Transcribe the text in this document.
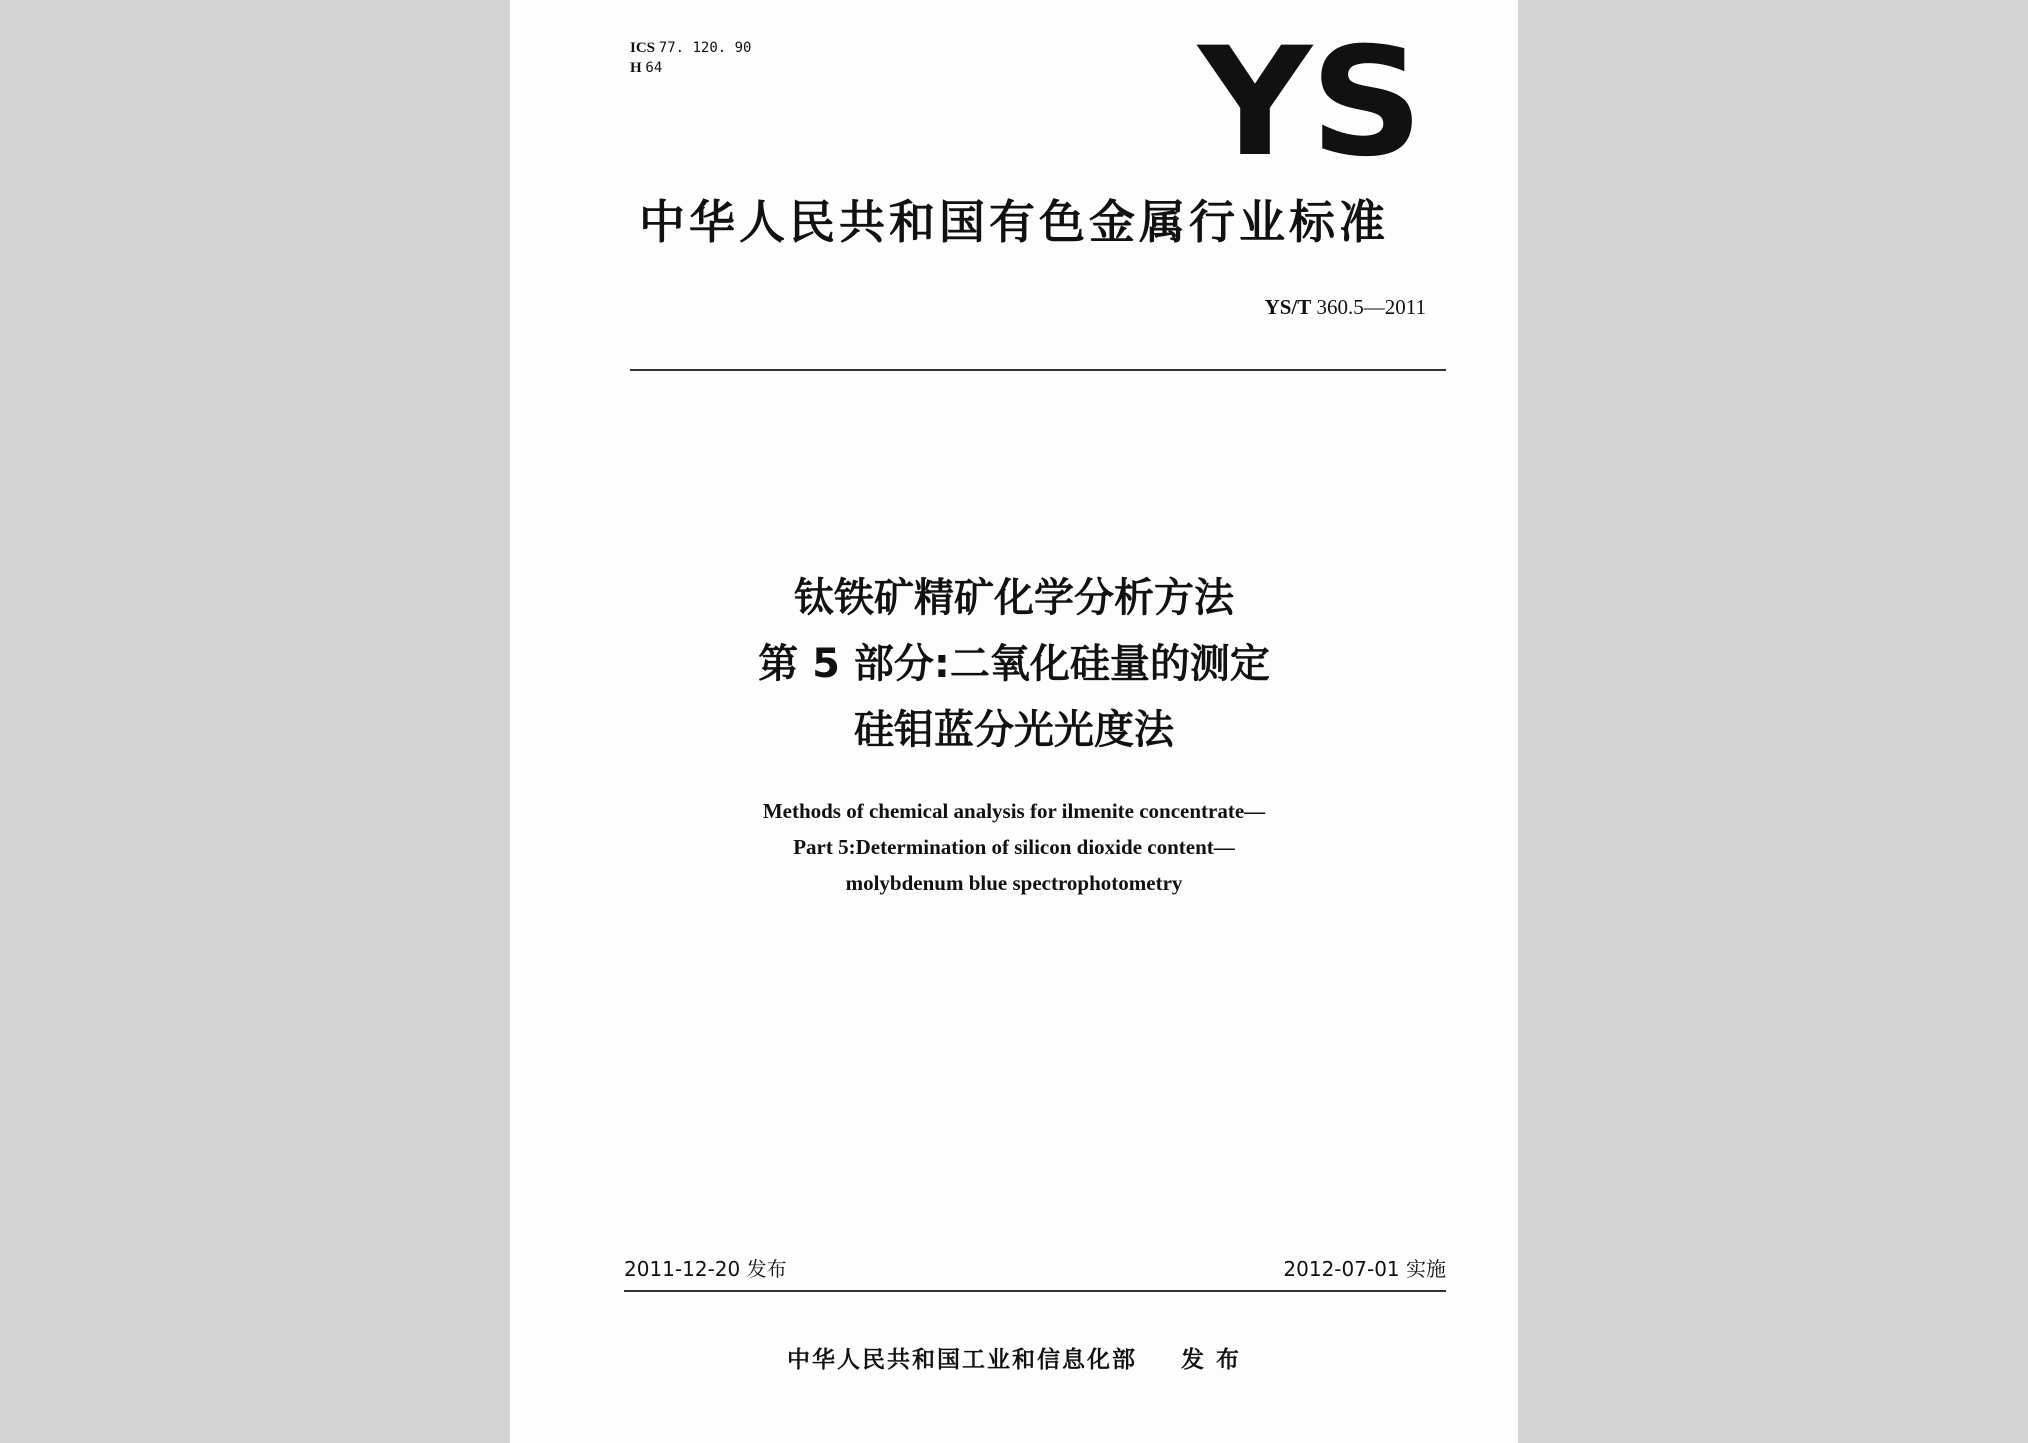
ICS 77. 120. 90
H 64	YS
中华人民共和国有色金属行业标准
YS/T 360.5—2011
钛铁矿精矿化学分析方法
第 5 部分:二氧化硅量的测定
硅钼蓝分光光度法
Methods of chemical analysis for ilmenite concentrate—
Part 5:Determination of silicon dioxide content—
molybdenum blue spectrophotometry
2011-12-20 发布	2012-07-01 实施
中华人民共和国工业和信息化部 发 布
